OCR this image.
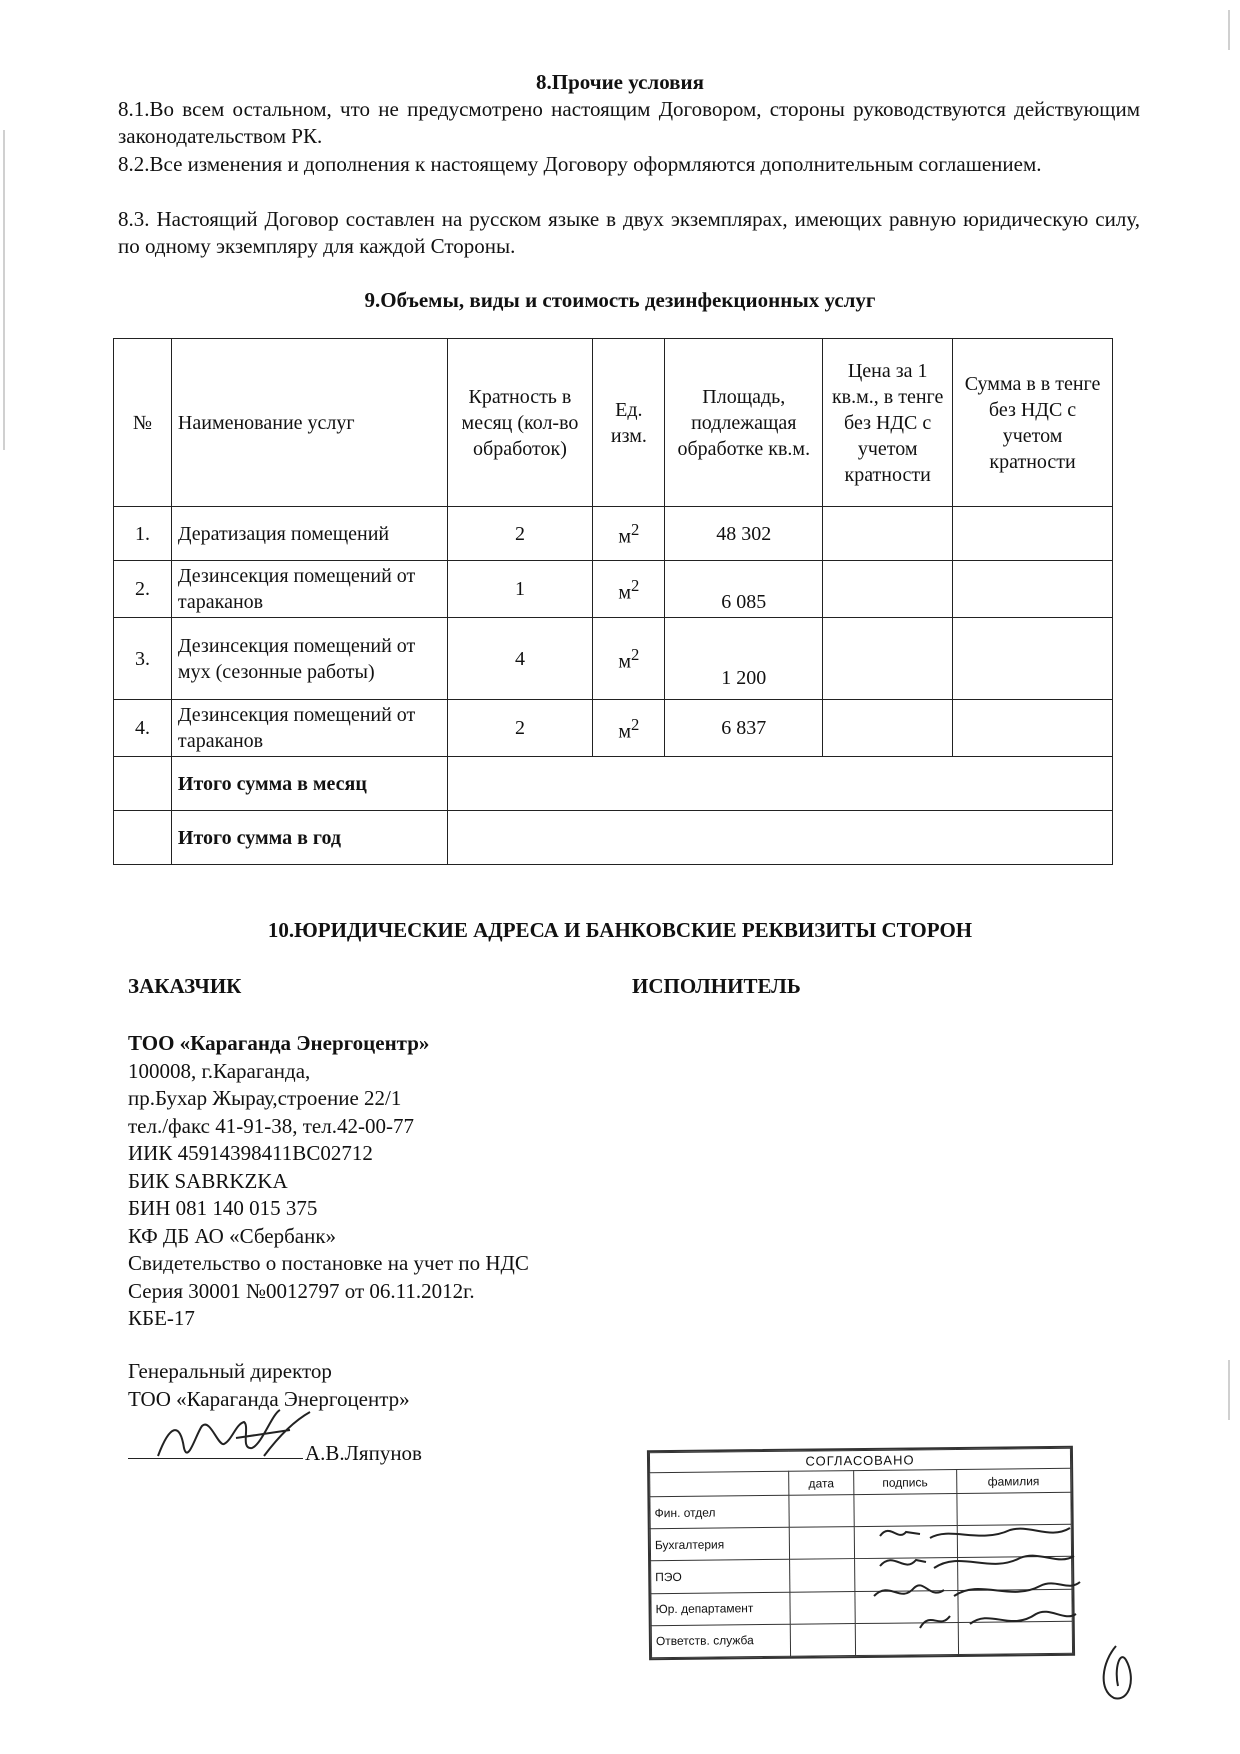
8.Прочие условия
8.1.Во всем остальном, что не предусмотрено настоящим Договором, стороны руководствуются действующим законодательством РК.
8.2.Все изменения и дополнения к настоящему Договору оформляются дополнительным соглашением.
8.3. Настоящий Договор составлен на русском языке в двух экземплярах, имеющих равную юридическую силу, по одному экземпляру для каждой Стороны.
9.Объемы, виды и стоимость дезинфекционных услуг
№	Наименование услуг	Кратность в месяц (кол-во обработок)	Ед. изм.	Площадь, подлежащая обработке кв.м.	Цена за 1 кв.м., в тенге без НДС с учетом кратности	Сумма в в тенге без НДС с учетом кратности
1.	Дератизация помещений	2	$м^2$	48 302		
2.	Дезинсекция помещений от тараканов	1	$м^2$	6 085		
3.	Дезинсекция помещений от мух (сезонные работы)	4	$м^2$	1 200		
4.	Дезинсекция помещений от тараканов	2	$м^2$	6 837		
	Итого сумма в месяц					
	Итого сумма в год					
10.ЮРИДИЧЕСКИЕ АДРЕСА И БАНКОВСКИЕ РЕКВИЗИТЫ СТОРОН
ЗАКАЗЧИК	ИСПОЛНИТЕЛЬ
ТОО «Караганда Энергоцентр»
100008, г.Караганда,
пр.Бухар Жырау,строение 22/1
тел./факс 41-91-38, тел.42-00-77
ИИК 45914398411BC02712
БИК SABRKZKA
БИН 081 140 015 375
КФ ДБ АО «Сбербанк»
Свидетельство о постановке на учет по НДС
Серия 30001 №0012797 от 06.11.2012г.
КБЕ-17
Генеральный директор
ТОО «Караганда Энергоцентр»
А.В.Ляпунов	СОГЛАСОВАНО			
	дата	подпись	фамилия
Фин. отдел			
Бухгалтерия			
ПЭО			
Юр. департамент			
Ответств. служба			
